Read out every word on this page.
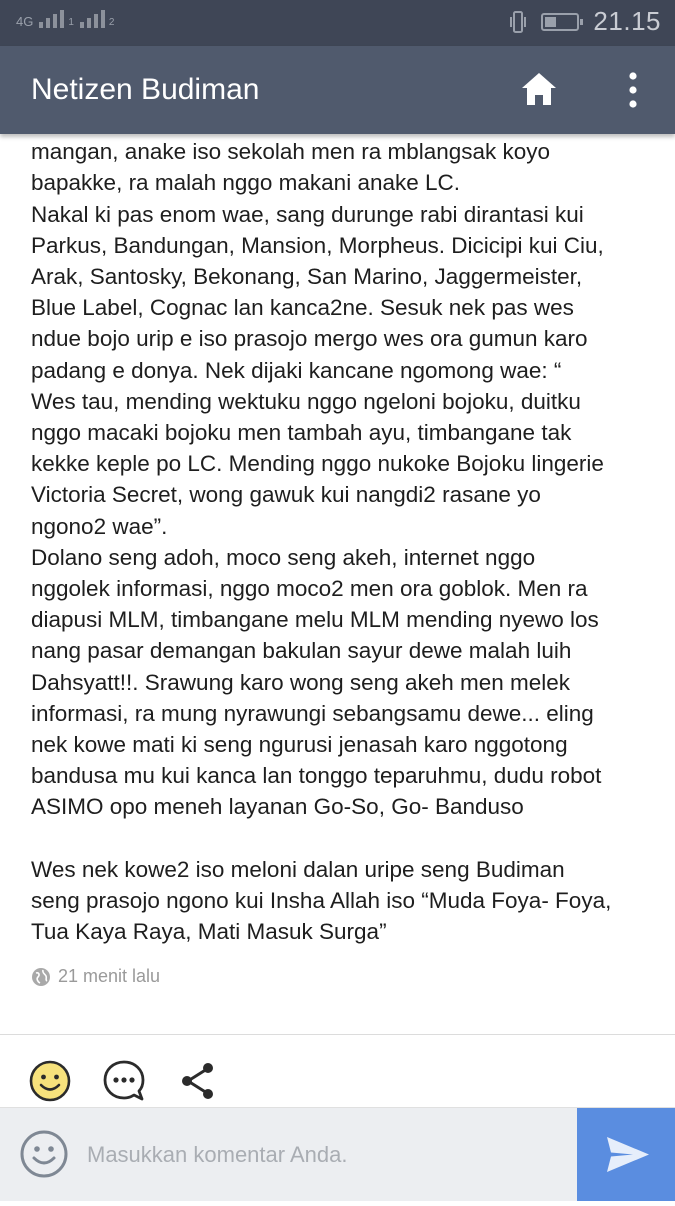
4G	$_1$	$_2$	21.15
Netizen Budiman

mangan, anake iso sekolah men ra mblangsak koyo

bapakke, ra malah nggo makani anake LC.

Nakal ki pas enom wae, sang durunge rabi dirantasi kui

Parkus, Bandungan, Mansion, Morpheus. Dicicipi kui Ciu,

Arak, Santosky, Bekonang, San Marino, Jaggermeister,

Blue Label, Cognac lan kanca2ne. Sesuk nek pas wes

ndue bojo urip e iso prasojo mergo wes ora gumun karo

padang e donya. Nek dijaki kancane ngomong wae: “

Wes tau, mending wektuku nggo ngeloni bojoku, duitku

nggo macaki bojoku men tambah ayu, timbangane tak

kekke keple po LC. Mending nggo nukoke Bojoku lingerie

Victoria Secret, wong gawuk kui nangdi2 rasane yo

ngono2 wae”.

Dolano seng adoh, moco seng akeh, internet nggo

nggolek informasi, nggo moco2 men ora goblok. Men ra

diapusi MLM, timbangane melu MLM mending nyewo los

nang pasar demangan bakulan sayur dewe malah luih

Dahsyatt!!. Srawung karo wong seng akeh men melek

informasi, ra mung nyrawungi sebangsamu dewe... eling

nek kowe mati ki seng ngurusi jenasah karo nggotong

bandusa mu kui kanca lan tonggo teparuhmu, dudu robot

ASIMO opo meneh layanan Go-So, Go- Banduso

Wes nek kowe2 iso meloni dalan uripe seng Budiman

seng prasojo ngono kui Insha Allah iso “Muda Foya- Foya,

Tua Kaya Raya, Mati Masuk Surga”

21 menit lalu
Masukkan komentar Anda.
